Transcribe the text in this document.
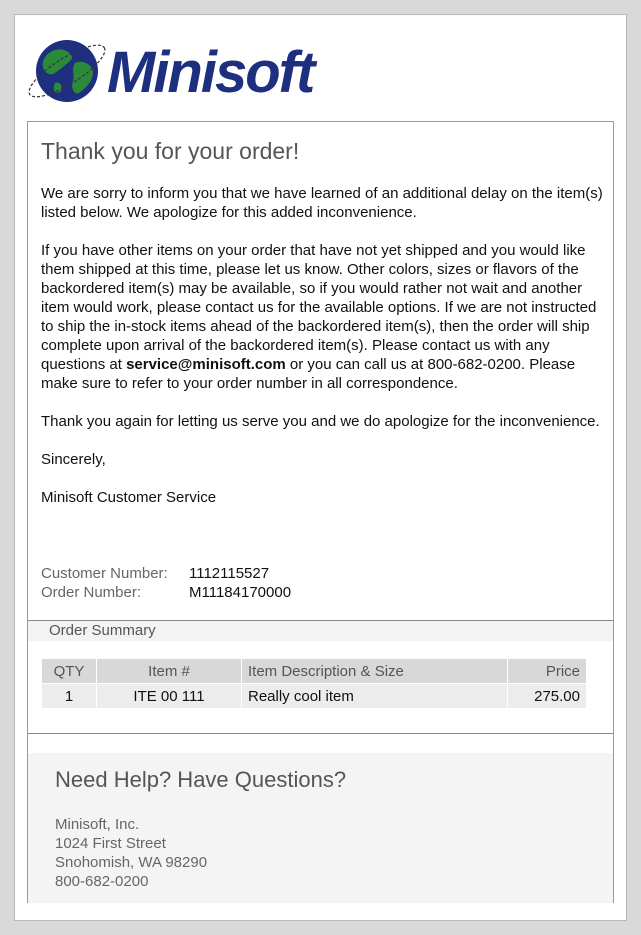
Minisoft
Thank you for your order!

We are sorry to inform you that we have learned of an additional delay on the item(s) listed below. We apologize for this added inconvenience.

If you have other items on your order that have not yet shipped and you would like them shipped at this time, please let us know. Other colors, sizes or flavors of the backordered item(s) may be available, so if you would rather not wait and another item would work, please contact us for the available options. If we are not instructed to ship the in-stock items ahead of the backordered item(s), then the order will ship complete upon arrival of the backordered item(s). Please contact us with any questions at service@minisoft.com or you can call us at 800-682-0200. Please make sure to refer to your order number in all correspondence.

Thank you again for letting us serve you and we do apologize for the inconvenience.

Sincerely,

Minisoft Customer Service

Customer Number:	1112115527
Order Number:	M11184170000
Order Summary
QTY	Item #	Item Description & Size	Price
1	ITE 00 111	Really cool item	275.00
Need Help? Have Questions?
Minisoft, Inc.
1024 First Street
Snohomish, WA 98290
800-682-0200
